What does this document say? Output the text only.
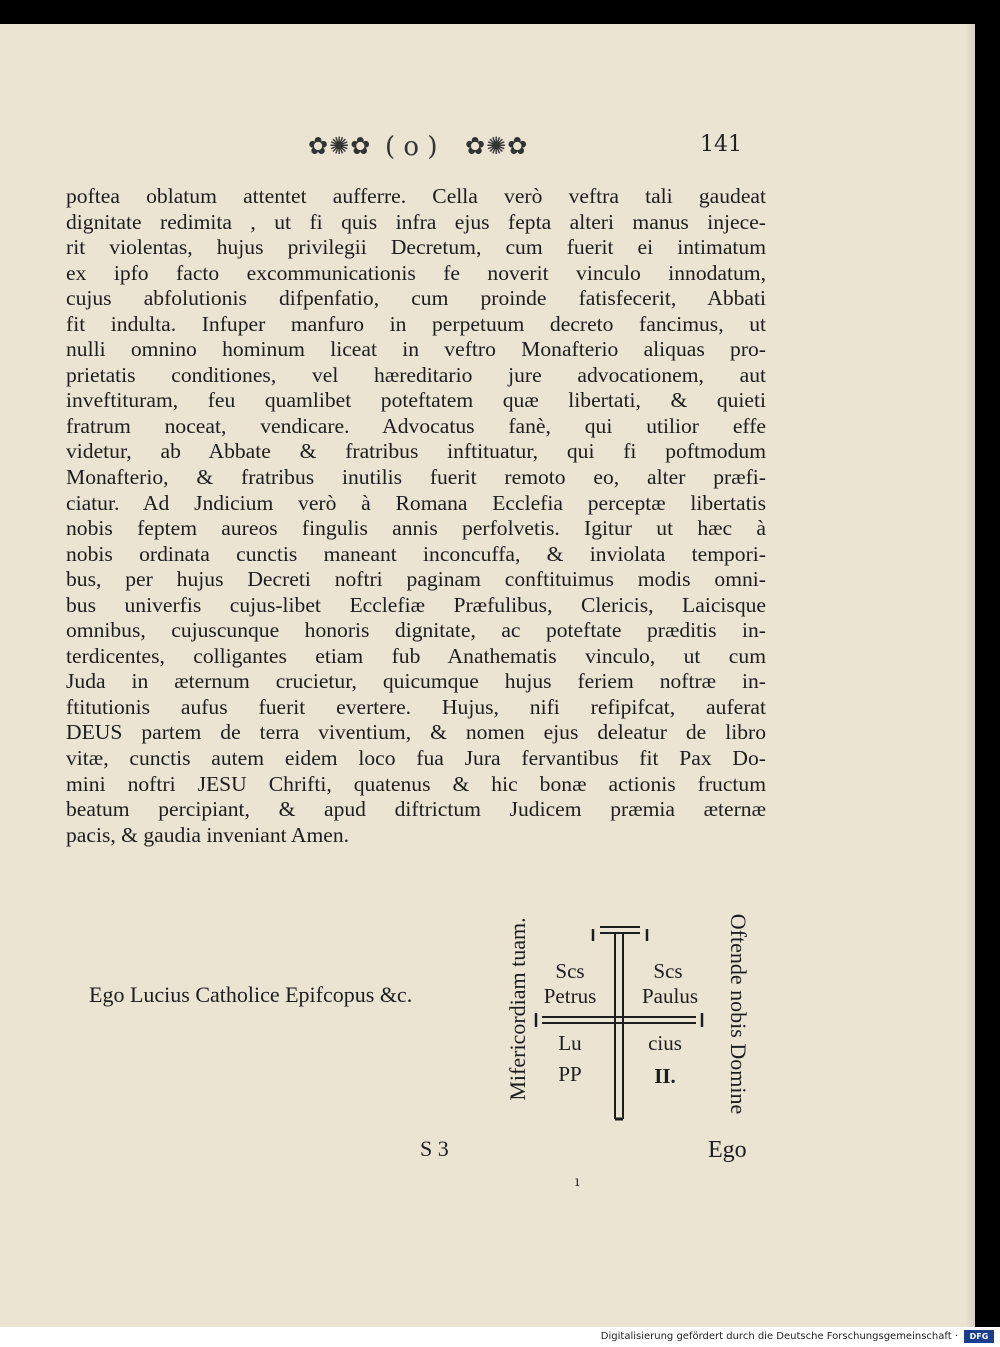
✿✺✿ ( o ) ✿✺✿	141
poftea oblatum attentet aufferre. Cella verò veftra tali gaudeat
dignitate redimita , ut fi quis infra ejus fepta alteri manus injece-
rit violentas, hujus privilegii Decretum, cum fuerit ei intimatum
ex ipfo facto excommunicationis fe noverit vinculo innodatum,
cujus abfolutionis difpenfatio, cum proinde fatisfecerit, Abbati
fit indulta. Infuper manfuro in perpetuum decreto fancimus, ut
nulli omnino hominum liceat in veftro Monafterio aliquas pro-
prietatis conditiones, vel hæreditario jure advocationem, aut
inveftituram, feu quamlibet poteftatem quæ libertati, & quieti
fratrum noceat, vendicare. Advocatus fanè, qui utilior effe
videtur, ab Abbate & fratribus inftituatur, qui fi poftmodum
Monafterio, & fratribus inutilis fuerit remoto eo, alter præfi-
ciatur. Ad Jndicium verò à Romana Ecclefia perceptæ libertatis
nobis feptem aureos fingulis annis perfolvetis. Igitur ut hæc à
nobis ordinata cunctis maneant inconcuffa, & inviolata tempori-
bus, per hujus Decreti noftri paginam conftituimus modis omni-
bus univerfis cujus-libet Ecclefiæ Præfulibus, Clericis, Laicisque
omnibus, cujuscunque honoris dignitate, ac poteftate præditis in-
terdicentes, colligantes etiam fub Anathematis vinculo, ut cum
Juda in æternum crucietur, quicumque hujus feriem noftræ in-
ftitutionis aufus fuerit evertere. Hujus, nifi refipifcat, auferat
DEUS partem de terra viventium, & nomen ejus deleatur de libro
vitæ, cunctis autem eidem loco fua Jura fervantibus fit Pax Do-
mini noftri JESU Chrifti, quatenus & hic bonæ actionis fructum
beatum percipiant, & apud diftrictum Judicem præmia æternæ
pacis, & gaudia inveniant Amen.
Ego Lucius Catholice Epifcopus &c.	Mifericordiam tuam.	Scs
Petrus
Scs
Paulus
Lu
PP
cius
II.	Oftende nobis Domine
S 3	Ego
ı
Digitalisierung gefördert durch die Deutsche Forschungsgemeinschaft ·	DFG
